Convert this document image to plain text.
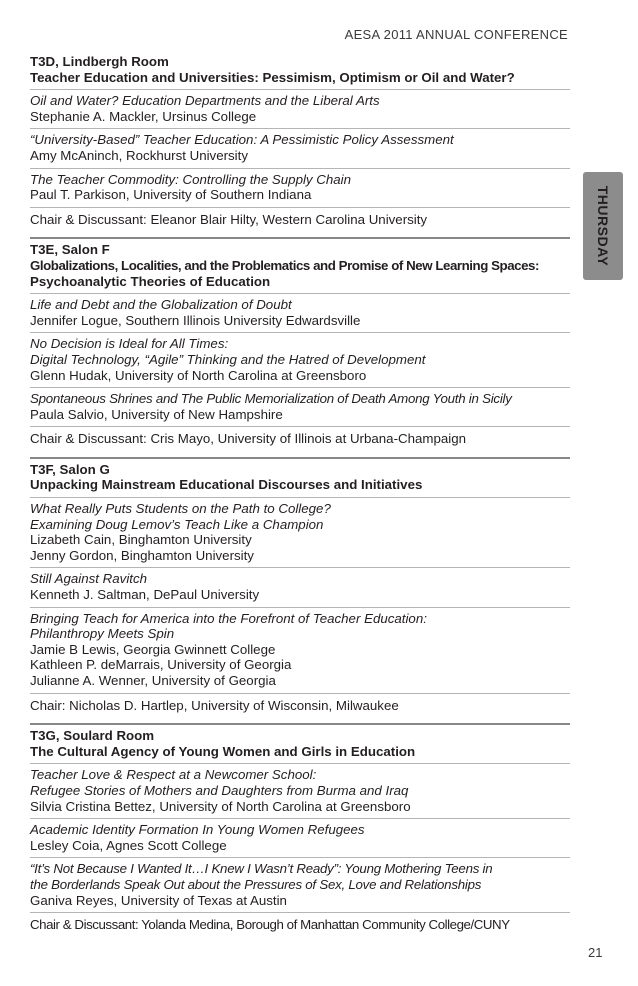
AESA 2011 ANNUAL CONFERENCE
THURSDAY
T3D, Lindbergh Room
Teacher Education and Universities: Pessimism, Optimism or Oil and Water?
Oil and Water? Education Departments and the Liberal Arts
Stephanie A. Mackler, Ursinus College
“University-Based” Teacher Education: A Pessimistic Policy Assessment
Amy McAninch, Rockhurst University
The Teacher Commodity: Controlling the Supply Chain
Paul T. Parkison, University of Southern Indiana
Chair & Discussant: Eleanor Blair Hilty, Western Carolina University
T3E, Salon F
Globalizations, Localities, and the Problematics and Promise of New Learning Spaces:
Psychoanalytic Theories of Education
Life and Debt and the Globalization of Doubt
Jennifer Logue, Southern Illinois University Edwardsville
No Decision is Ideal for All Times:
Digital Technology, “Agile” Thinking and the Hatred of Development
Glenn Hudak, University of North Carolina at Greensboro
Spontaneous Shrines and The Public Memorialization of Death Among Youth in Sicily
Paula Salvio, University of New Hampshire
Chair & Discussant: Cris Mayo, University of Illinois at Urbana-Champaign
T3F, Salon G
Unpacking Mainstream Educational Discourses and Initiatives
What Really Puts Students on the Path to College?
Examining Doug Lemov’s Teach Like a Champion
Lizabeth Cain, Binghamton University
Jenny Gordon, Binghamton University
Still Against Ravitch
Kenneth J. Saltman, DePaul University
Bringing Teach for America into the Forefront of Teacher Education:
Philanthropy Meets Spin
Jamie B Lewis, Georgia Gwinnett College
Kathleen P. deMarrais, University of Georgia
Julianne A. Wenner, University of Georgia
Chair: Nicholas D. Hartlep, University of Wisconsin, Milwaukee
T3G, Soulard Room
The Cultural Agency of Young Women and Girls in Education
Teacher Love & Respect at a Newcomer School:
Refugee Stories of Mothers and Daughters from Burma and Iraq
Silvia Cristina Bettez, University of North Carolina at Greensboro
Academic Identity Formation In Young Women Refugees
Lesley Coia, Agnes Scott College
“It’s Not Because I Wanted It…I Knew I Wasn’t Ready”: Young Mothering Teens in
the Borderlands Speak Out about the Pressures of Sex, Love and Relationships
Ganiva Reyes, University of Texas at Austin
Chair & Discussant: Yolanda Medina, Borough of Manhattan Community College/CUNY
21
